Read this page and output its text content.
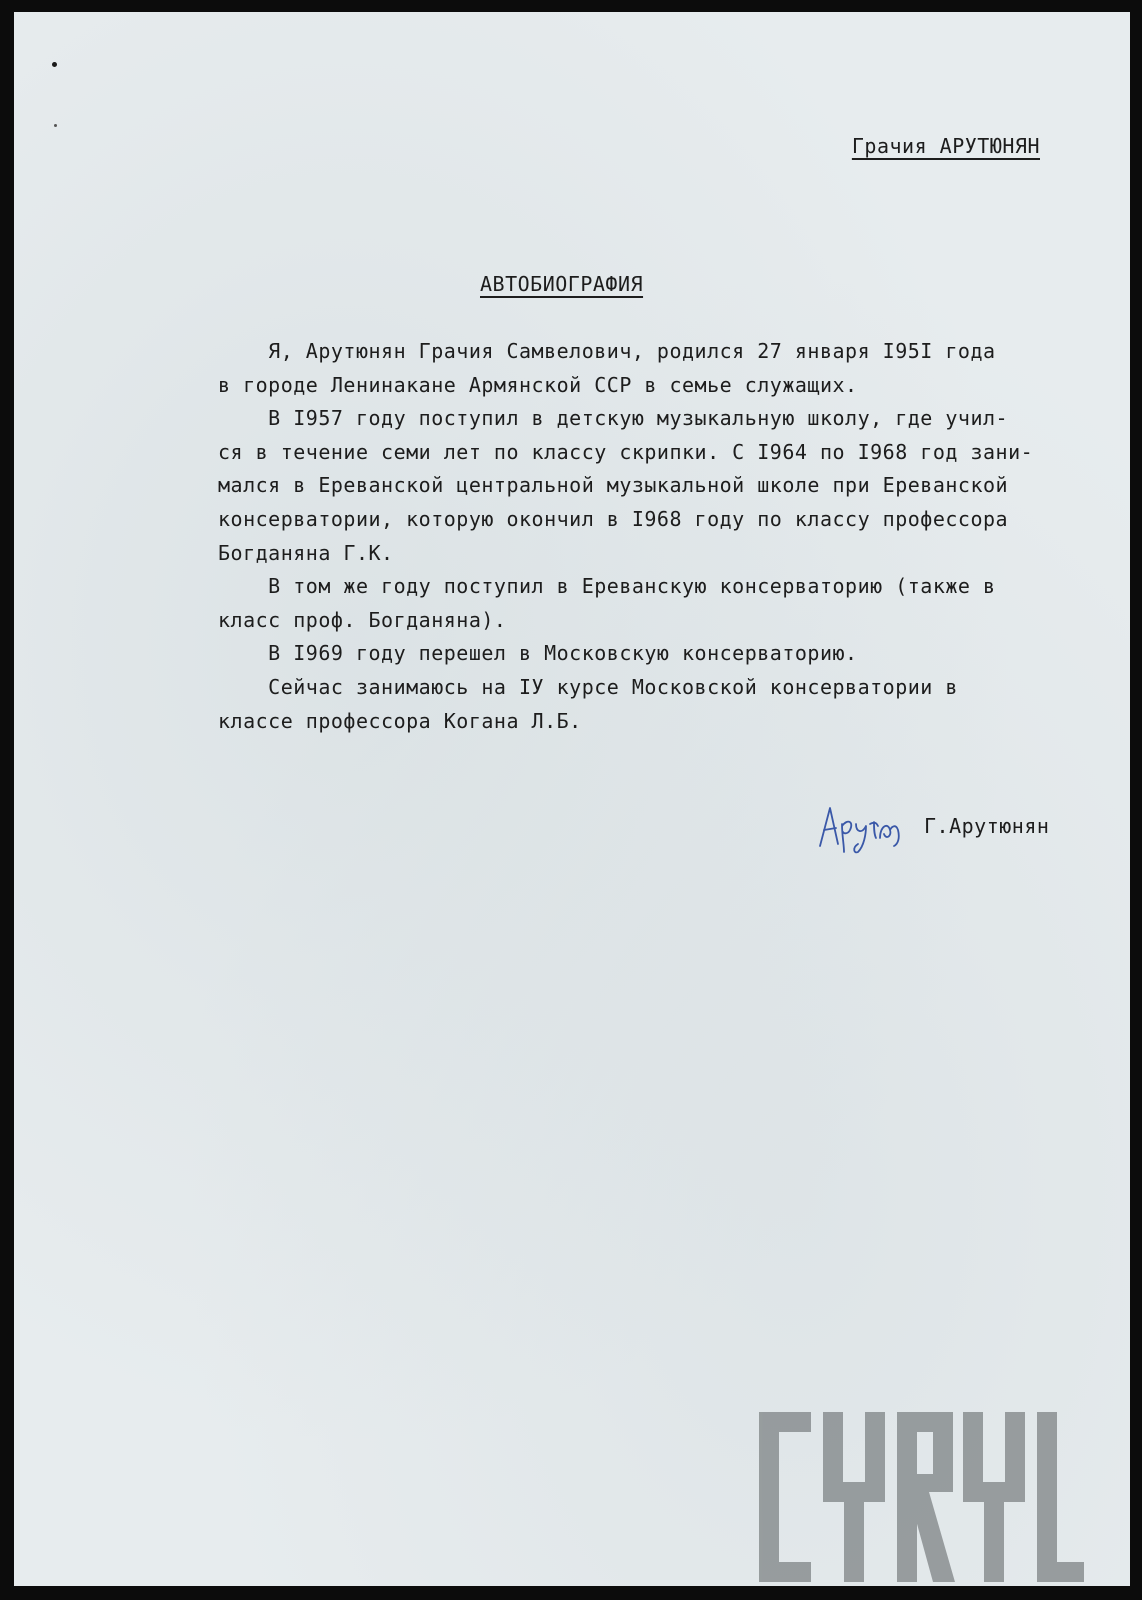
Грачия АРУТЮНЯН
АВТОБИОГРАФИЯ

Я, Арутюнян Грачия Самвелович, родился 27 января I95I года
в городе Ленинакане Армянской ССР в семье служащих.

В I957 году поступил в детскую музыкальную школу, где учил-
ся в течение семи лет по классу скрипки. С I964 по I968 год зани-
мался в Ереванской центральной музыкальной школе при Ереванской
консерватории, которую окончил в I968 году по классу профессора
Богданяна Г.К.

В том же году поступил в Ереванскую консерваторию (также в
класс проф. Богданяна).

В I969 году перешел в Московскую консерваторию.

Сейчас занимаюсь на IУ курсе Московской консерватории в
классе профессора Когана Л.Б.

Г.Арутюнян
